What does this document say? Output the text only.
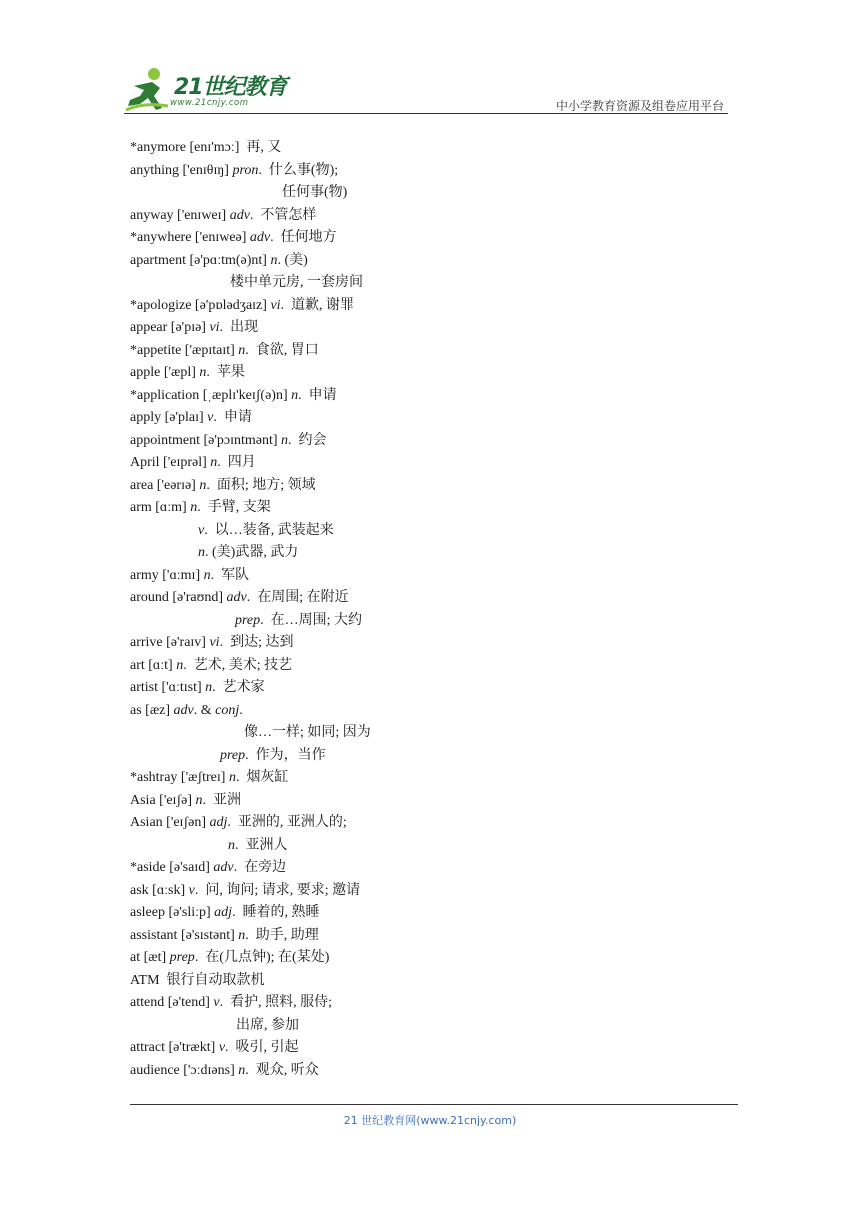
21世纪教育
www.21cnjy.com	中小学教育资源及组卷应用平台
*anymore [enɪ'mɔː]  再, 又
anything ['enɪθɪŋ] pron.  什么事(物);
任何事(物)
anyway ['enɪweɪ] adv.  不管怎样
*anywhere ['enɪweə] adv.  任何地方
apartment [ə'pɑːtm(ə)nt] n. (美)
楼中单元房, 一套房间
*apologize [ə'pɒlədʒaɪz] vi.  道歉, 谢罪
appear [ə'pɪə] vi.  出现
*appetite ['æpɪtaɪt] n.  食欲, 胃口
apple ['æpl] n.  苹果
*application [ˌæplɪ'keɪʃ(ə)n] n.  申请
apply [ə'plaɪ] v.  申请
appointment [ə'pɔɪntmənt] n.  约会
April ['eɪprəl] n.  四月
area ['eərɪə] n.  面积; 地方; 领域
arm [ɑːm] n.  手臂, 支架
v.  以…装备, 武装起来
n. (美)武器, 武力
army ['ɑːmɪ] n.  军队
around [ə'raʊnd] adv.  在周围; 在附近
prep.  在…周围; 大约
arrive [ə'raɪv] vi.  到达; 达到
art [ɑːt] n.  艺术, 美术; 技艺
artist ['ɑːtɪst] n.  艺术家
as [æz] adv. & conj.
像…一样; 如同; 因为
prep.  作为，当作
*ashtray ['æʃtreɪ] n.  烟灰缸
Asia ['eɪʃə] n.  亚洲
Asian ['eɪʃən] adj.  亚洲的, 亚洲人的;
n.  亚洲人
*aside [ə'saɪd] adv.  在旁边
ask [ɑːsk] v.  问, 询问; 请求, 要求; 邀请
asleep [ə'sliːp] adj.  睡着的, 熟睡
assistant [ə'sɪstənt] n.  助手, 助理
at [æt] prep.  在(几点钟); 在(某处)
ATM  银行自动取款机
attend [ə'tend] v.  看护, 照料, 服侍;
出席, 参加
attract [ə'trækt] v.  吸引, 引起
audience ['ɔːdɪəns] n.  观众, 听众
21 世纪教育网(www.21cnjy.com)
